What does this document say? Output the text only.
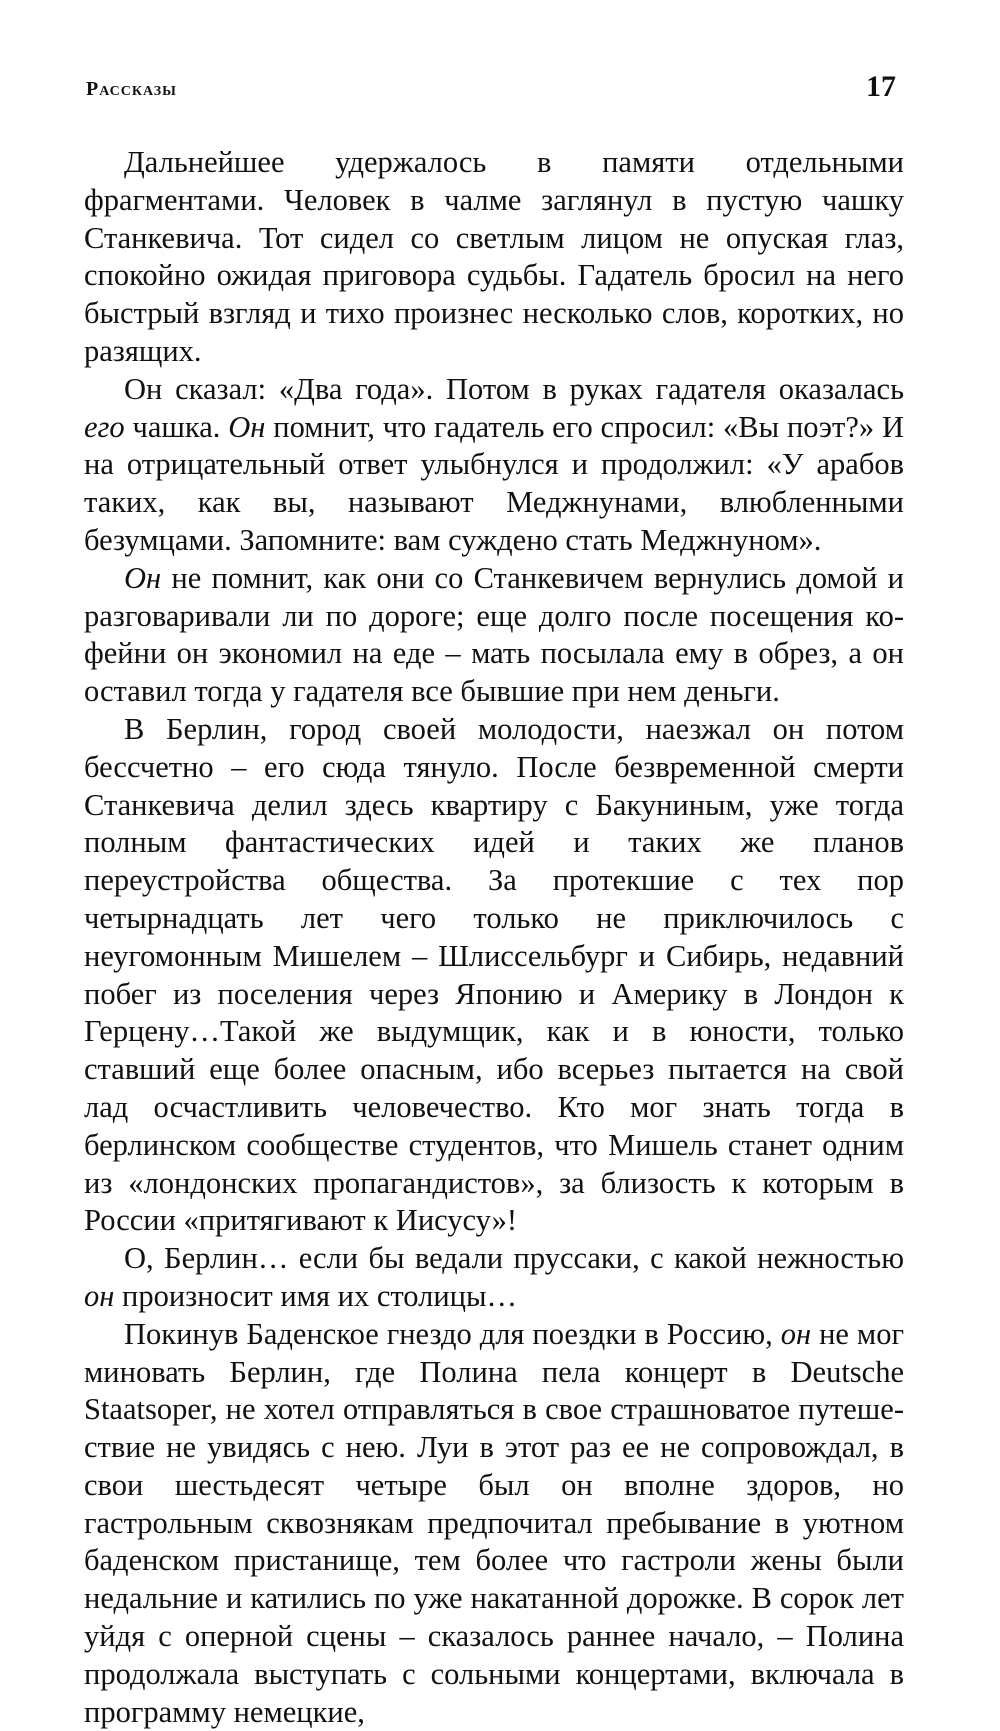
Рассказы	17

Дальнейшее удержалось в памяти отдельными фрагментами. Человек в чалме заглянул в пустую чашку Станкевича. Тот сидел со светлым лицом не опуская глаз, спокойно ожидая приговора судьбы. Гадатель бросил на него быстрый взгляд и тихо произнес несколько слов, коротких, но разящих.

Он сказал: «Два года». Потом в руках гадателя оказалась его чашка. Он помнит, что гадатель его спросил: «Вы поэт?» И на отрицательный ответ улыбнулся и продолжил: «У арабов таких, как вы, называют Меджнунами, влюбленными безумцами. Запомните: вам суждено стать Меджнуном».

Он не помнит, как они со Станкевичем вернулись домой и разговаривали ли по дороге; еще долго после посещения кофейни он экономил на еде – мать посылала ему в обрез, а он оставил тогда у гадателя все бывшие при нем деньги.

В Берлин, город своей молодости, наезжал он потом бессчетно – его сюда тянуло. После безвременной смерти Станкевича делил здесь квартиру с Бакуниным, уже тогда полным фантастических идей и таких же планов переустройства общества. За протекшие с тех пор четырнадцать лет чего только не приключилось с неугомонным Мишелем – Шлиссельбург и Сибирь, недавний побег из поселения через Японию и Америку в Лондон к Герцену…Такой же выдумщик, как и в юности, только ставший еще более опасным, ибо всерьез пытается на свой лад осчастливить человечество. Кто мог знать тогда в берлинском сообществе студентов, что Мишель станет одним из «лондонских пропагандистов», за близость к которым в России «притягивают к Иисусу»!

О, Берлин… если бы ведали пруссаки, с какой нежностью он произносит имя их столицы…

Покинув Баденское гнездо для поездки в Россию, он не мог миновать Берлин, где Полина пела концерт в Deutsche Staatsoper, не хотел отправляться в свое страшноватое путешествие не увидясь с нею. Луи в этот раз ее не сопровождал, в свои шестьдесят четыре был он вполне здоров, но гастрольным сквознякам предпочитал пребывание в уютном баденском пристанище, тем более что гастроли жены были недальние и катились по уже накатанной дорожке. В сорок лет уйдя с оперной сцены – сказалось раннее начало, – Полина продолжала выступать с сольными концертами, включала в программу немецкие,
